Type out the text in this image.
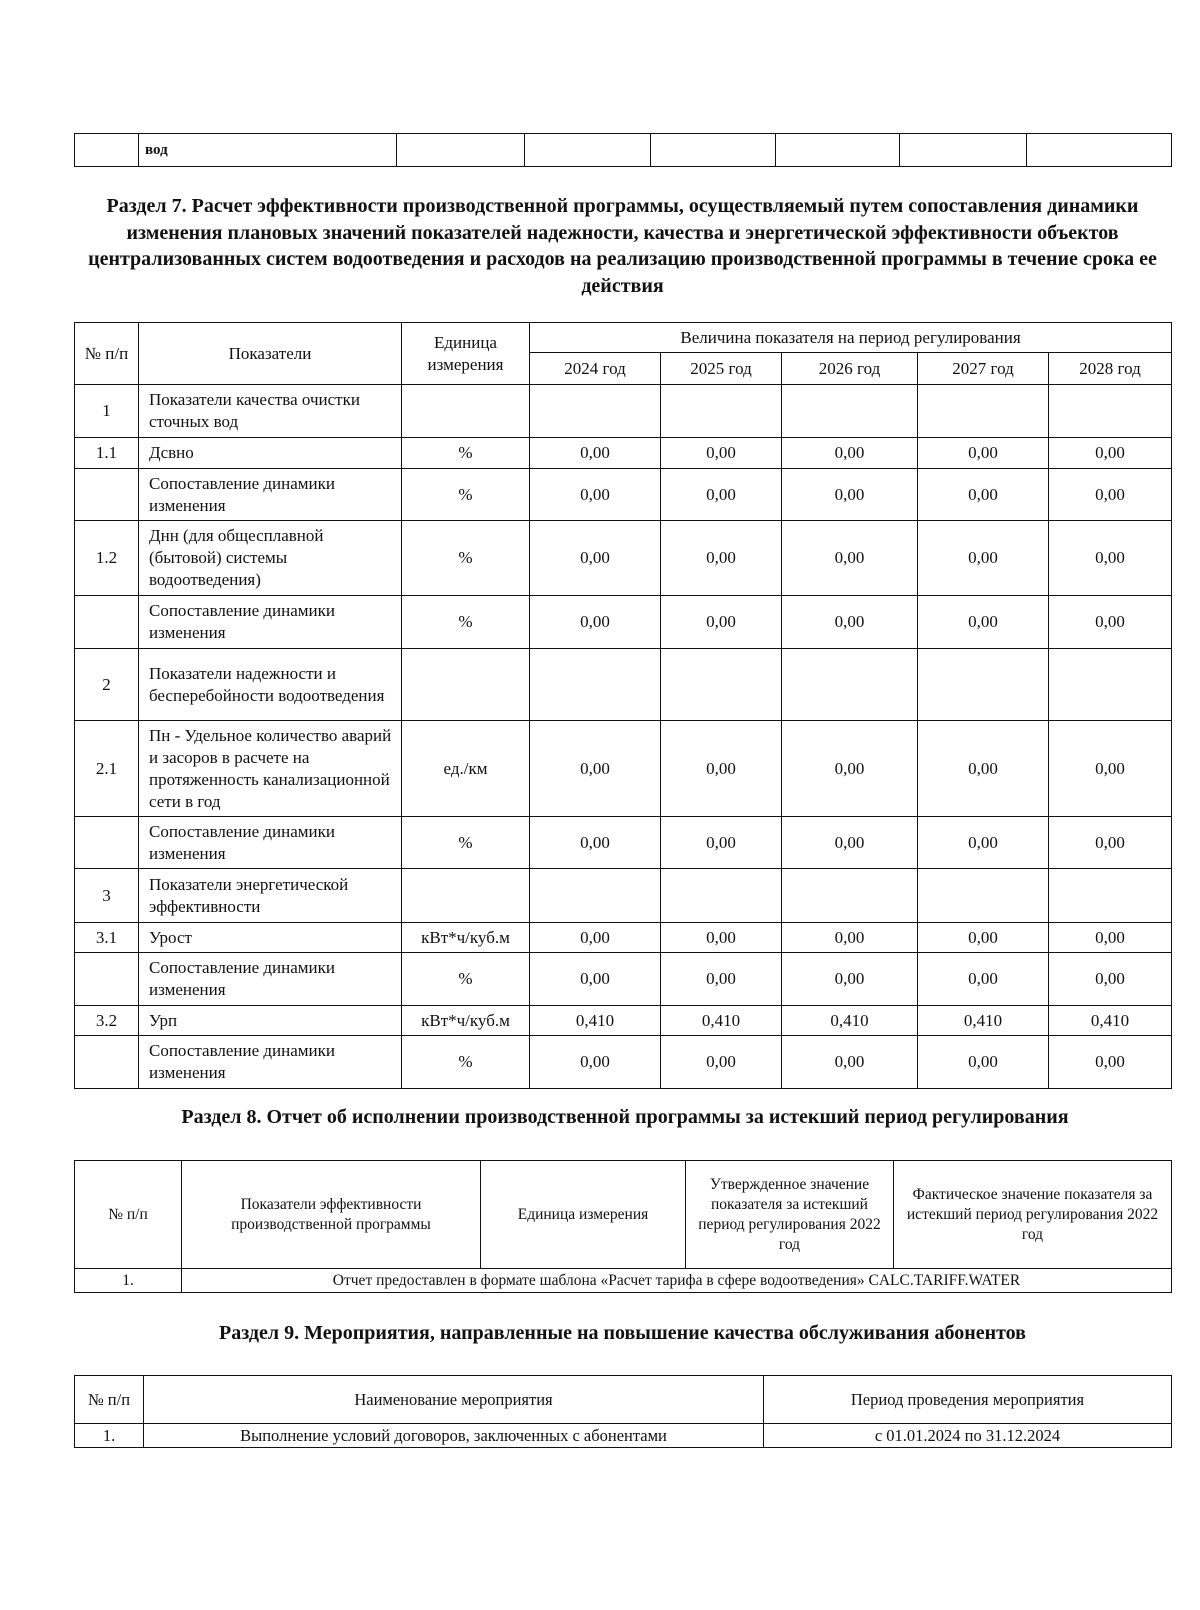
	вод						
Раздел 7. Расчет эффективности производственной программы, осуществляемый путем сопоставления динамики изменения плановых значений показателей надежности, качества и энергетической эффективности объектов централизованных систем водоотведения и расходов на реализацию производственной программы в течение срока ее действия
№ п/п	Показатели	Единица измерения	Величина показателя на период регулирования				
			2024 год	2025 год	2026 год	2027 год	2028 год
1	Показатели качества очистки сточных вод						
1.1	Дсвно	%	0,00	0,00	0,00	0,00	0,00
	Сопоставление динамики изменения	%	0,00	0,00	0,00	0,00	0,00
1.2	Днн (для общесплавной (бытовой) системы водоотведения)	%	0,00	0,00	0,00	0,00	0,00
	Сопоставление динамики изменения	%	0,00	0,00	0,00	0,00	0,00
2	Показатели надежности и бесперебойности водоотведения						
2.1	Пн - Удельное количество аварий и засоров в расчете на протяженность канализационной сети в год	ед./км	0,00	0,00	0,00	0,00	0,00
	Сопоставление динамики изменения	%	0,00	0,00	0,00	0,00	0,00
3	Показатели энергетической эффективности						
3.1	Урост	кВт*ч/куб.м	0,00	0,00	0,00	0,00	0,00
	Сопоставление динамики изменения	%	0,00	0,00	0,00	0,00	0,00
3.2	Урп	кВт*ч/куб.м	0,410	0,410	0,410	0,410	0,410
	Сопоставление динамики изменения	%	0,00	0,00	0,00	0,00	0,00
Раздел 8. Отчет об исполнении производственной программы за истекший период регулирования
№ п/п	Показатели эффективности производственной программы	Единица измерения	Утвержденное значение показателя за истекший период регулирования 2022 год	Фактическое значение показателя за истекший период регулирования 2022 год
1.	Отчет предоставлен в формате шаблона «Расчет тарифа в сфере водоотведения» CALC.TARIFF.WATER			
Раздел 9. Мероприятия, направленные на повышение качества обслуживания абонентов
№ п/п	Наименование мероприятия	Период проведения мероприятия
1.	Выполнение условий договоров, заключенных с абонентами	с 01.01.2024 по 31.12.2024
